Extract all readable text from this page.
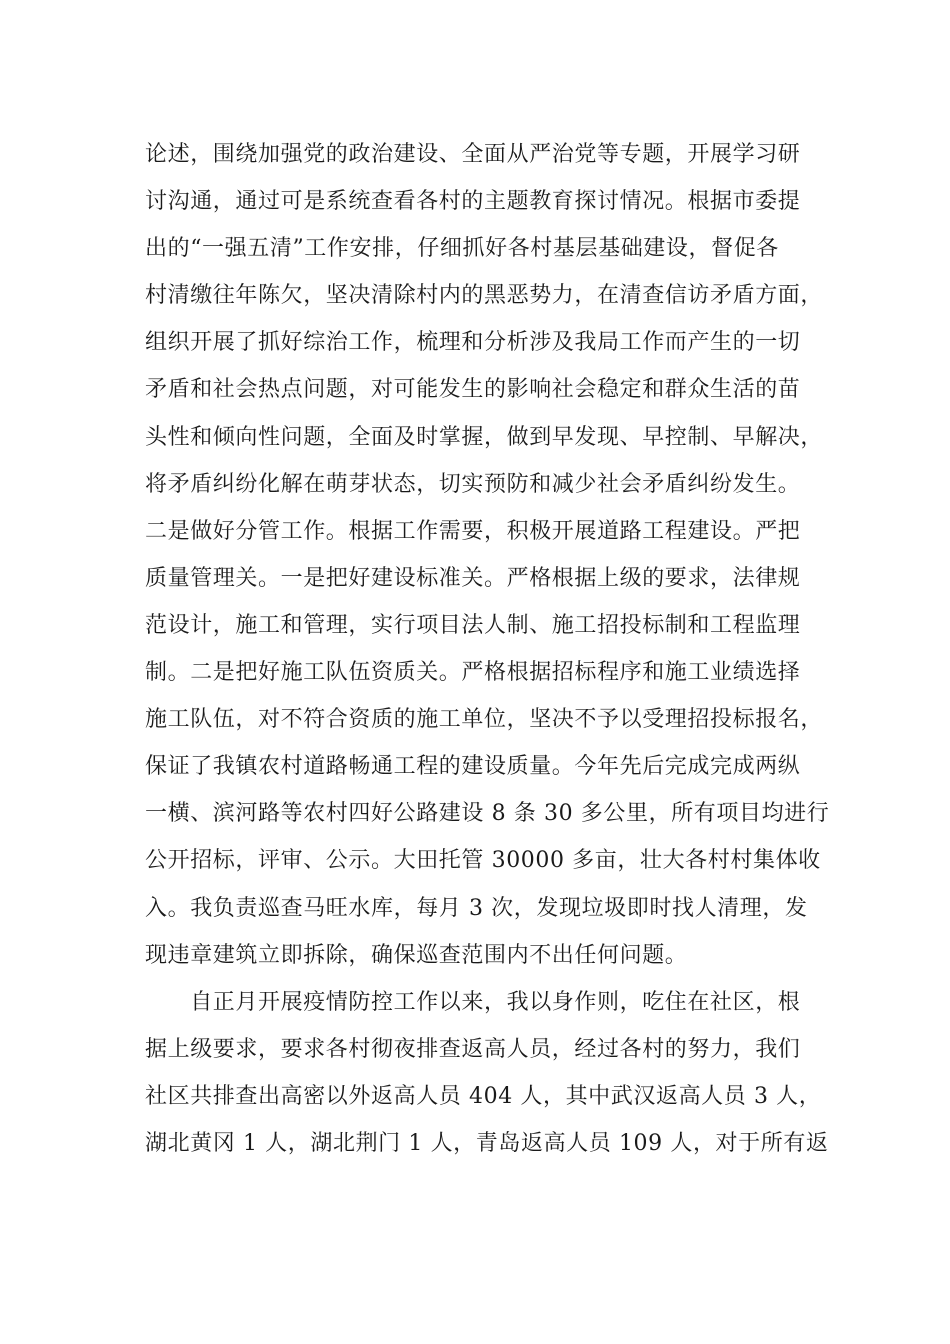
论述，围绕加强党的政治建设、全面从严治党等专题，开展学习研
讨沟通，通过可是系统查看各村的主题教育探讨情况。根据市委提
出的“一强五清”工作安排，仔细抓好各村基层基础建设，督促各
村清缴往年陈欠，坚决清除村内的黑恶势力，在清查信访矛盾方面，
组织开展了抓好综治工作，梳理和分析涉及我局工作而产生的一切
矛盾和社会热点问题，对可能发生的影响社会稳定和群众生活的苗
头性和倾向性问题，全面及时掌握，做到早发现、早控制、早解决，
将矛盾纠纷化解在萌芽状态，切实预防和减少社会矛盾纠纷发生。
二是做好分管工作。根据工作需要，积极开展道路工程建设。严把
质量管理关。一是把好建设标准关。严格根据上级的要求，法律规
范设计，施工和管理，实行项目法人制、施工招投标制和工程监理
制。二是把好施工队伍资质关。严格根据招标程序和施工业绩选择
施工队伍，对不符合资质的施工单位，坚决不予以受理招投标报名，
保证了我镇农村道路畅通工程的建设质量。今年先后完成完成两纵
一横、滨河路等农村四好公路建设 8 条 30 多公里，所有项目均进行
公开招标，评审、公示。大田托管 30000 多亩，壮大各村村集体收
入。我负责巡查马旺水库，每月 3 次，发现垃圾即时找人清理，发
现违章建筑立即拆除，确保巡查范围内不出任何问题。
　　自正月开展疫情防控工作以来，我以身作则，吃住在社区，根
据上级要求，要求各村彻夜排查返高人员，经过各村的努力，我们
社区共排查出高密以外返高人员 404 人，其中武汉返高人员 3 人，
湖北黄冈 1 人，湖北荆门 1 人，青岛返高人员 109 人，对于所有返
